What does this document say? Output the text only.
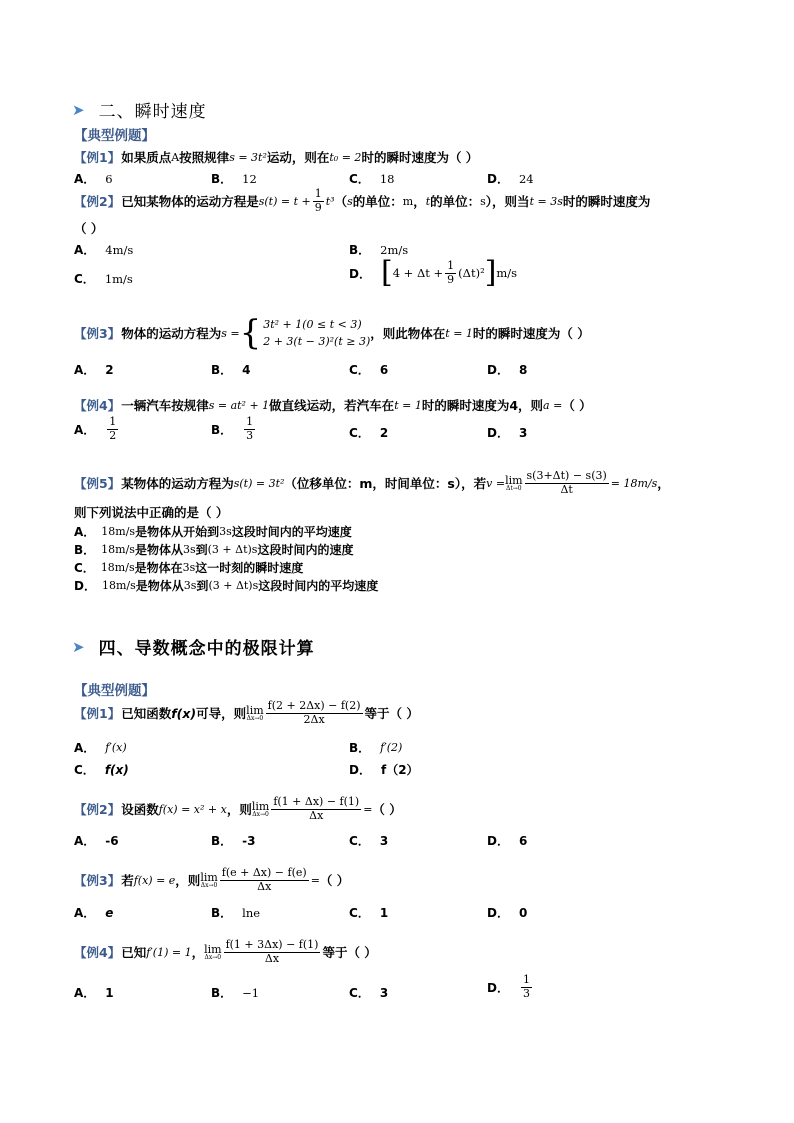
➤ 二、瞬时速度
【典型例题】
【例1】 如果质点 A 按照规律 s = 3t² 运动，则在 t₀ = 2 时的瞬时速度为（ ）
A． 6	B． 12	C． 18	D． 24
【例2】 已知某物体的运动方程是 $s(t) = t + \frac{1}{9} t^3$ （ s 的单位： m ， t 的单位： s ），则当 t = 3s 时的瞬时速度为
（ ）
A． 4m/s	B． 2m/s
C． 1m/s	D． [ $4 + \Delta t + \frac{1}{9} (\Delta t)^2$ ] m/s
【例3】 物体的运动方程为 s = { 3t² + 1(0 ≤ t < 3)
2 + 3(t − 3)²(t ≥ 3)
，则此物体在 t = 1 时的瞬时速度为（ ）
A． 2	B． 4	C． 6	D． 8
【例4】 一辆汽车按规律 s = at² + 1 做直线运动，若汽车在 t = 1 时的瞬时速度为4，则 a = （ ）
A． $\frac{1}{2}$	B． $\frac{1}{3}$	C． 2	D． 3
【例5】 某物体的运动方程为 s(t) = 3t² （位移单位：m，时间单位：s），若 v = lim
$\Delta t\to 0 \frac{s(3+\Delta t) - s(3)}{\Delta t} = 18m/s$ ，
则下列说法中正确的是（ ）
A． 18m/s 是物体从开始到 3s 这段时间内的平均速度
B． 18m/s 是物体从 3s 到 (3 + Δt)s 这段时间内的速度
C． 18m/s 是物体在 3s 这一时刻的瞬时速度
D． 18m/s 是物体从 3s 到 (3 + Δt)s 这段时间内的平均速度
➤ 四、导数概念中的极限计算
【典型例题】
【例1】 已知函数 f(x) 可导，则 lim
$\Delta x\to 0 \frac{f(2 + 2\Delta x) - f(2)}{2\Delta x}$ 等于（ ）
A． f′(x)	B． f′(2)
C． f(x)	D． f（2）
【例2】 设函数 f(x) = x² + x ，则 lim
$\Delta x\to 0 \frac{f(1 + \Delta x) - f(1)}{\Delta x}$ = （ ）
A． -6	B． -3	C． 3	D． 6
【例3】 若 f(x) = e ，则 lim
$\Delta x\to 0 \frac{f(e + \Delta x) - f(e)}{\Delta x}$ = （ ）
A． e	B． lne	C． 1	D． 0
【例4】 已知 f′(1) = 1 ， lim
$\Delta x\to 0 \frac{f(1 + 3\Delta x) - f(1)}{\Delta x}$ 等于（ ）
A． 1	B． −1	C． 3	D． $\frac{1}{3}$
